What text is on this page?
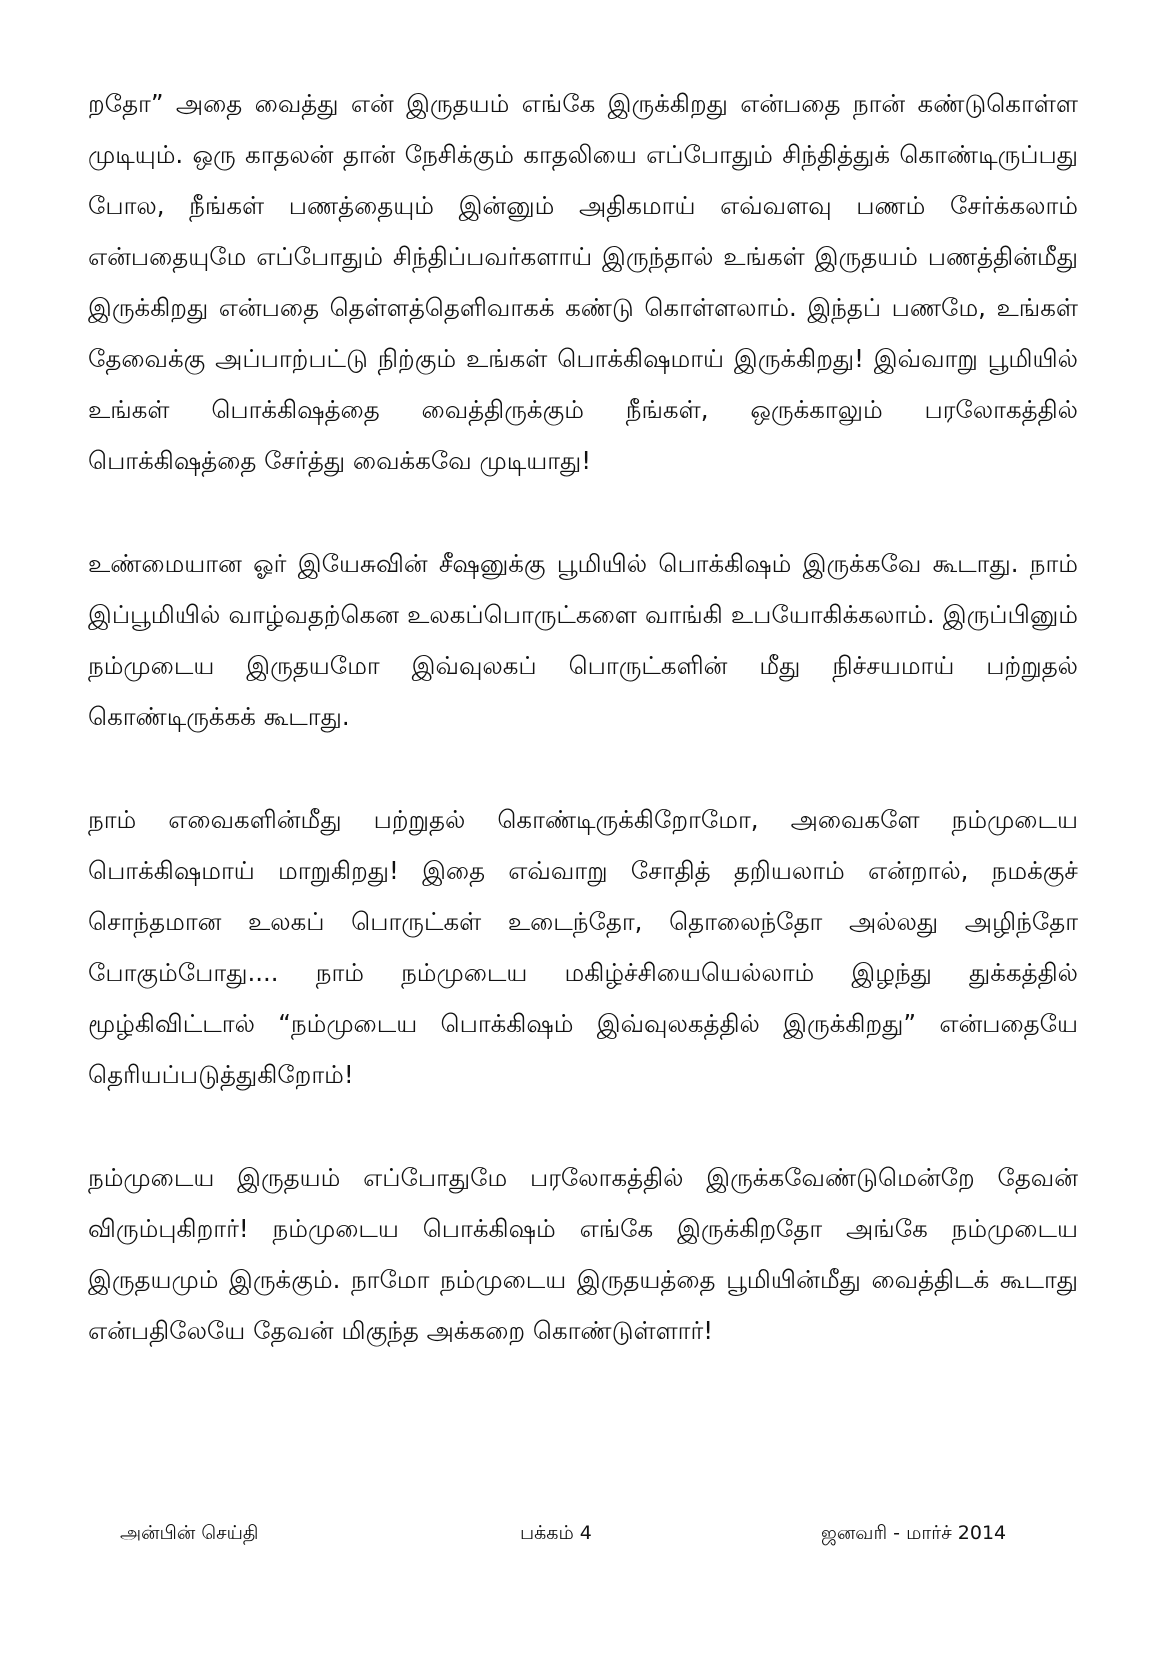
றதோ” அதை வைத்து என் இருதயம் எங்கே இருக்கிறது என்பதை நான் கண்டுகொள்ள முடியும். ஒரு காதலன் தான் நேசிக்கும் காதலியை எப்போதும் சிந்தித்துக் கொண்டிருப்பது போல, நீங்கள் பணத்தையும் இன்னும் அதிகமாய் எவ்வளவு பணம் சேர்க்கலாம் என்பதையுமே எப்போதும் சிந்திப்பவர்களாய் இருந்தால் உங்கள் இருதயம் பணத்தின்மீது இருக்கிறது என்பதை தெள்ளத்தெளிவாகக் கண்டு கொள்ளலாம். இந்தப் பணமே, உங்கள் தேவைக்கு அப்பாற்பட்டு நிற்கும் உங்கள் பொக்கிஷமாய் இருக்கிறது! இவ்வாறு பூமியில் உங்கள் பொக்கிஷத்தை வைத்திருக்கும் நீங்கள், ஒருக்காலும் பரலோகத்தில் பொக்கிஷத்தை சேர்த்து வைக்கவே முடியாது!

உண்மையான ஓர் இயேசுவின் சீஷனுக்கு பூமியில் பொக்கிஷம் இருக்கவே கூடாது. நாம் இப்பூமியில் வாழ்வதற்கென உலகப்பொருட்களை வாங்கி உபயோகிக்கலாம். இருப்பினும் நம்முடைய இருதயமோ இவ்வுலகப் பொருட்களின் மீது நிச்சயமாய் பற்றுதல் கொண்டிருக்கக் கூடாது.

நாம் எவைகளின்மீது பற்றுதல் கொண்டிருக்கிறோமோ, அவைகளே நம்முடைய பொக்கிஷமாய் மாறுகிறது! இதை எவ்வாறு சோதித் தறியலாம் என்றால், நமக்குச் சொந்தமான உலகப் பொருட்கள் உடைந்தோ, தொலைந்தோ அல்லது அழிந்தோ போகும்போது.... நாம் நம்முடைய மகிழ்ச்சியையெல்லாம் இழந்து துக்கத்தில் மூழ்கிவிட்டால் “நம்முடைய பொக்கிஷம் இவ்வுலகத்தில் இருக்கிறது” என்பதையே தெரியப்படுத்துகிறோம்!

நம்முடைய இருதயம் எப்போதுமே பரலோகத்தில் இருக்கவேண்டுமென்றே தேவன் விரும்புகிறார்! நம்முடைய பொக்கிஷம் எங்கே இருக்கிறதோ அங்கே நம்முடைய இருதயமும் இருக்கும். நாமோ நம்முடைய இருதயத்தை பூமியின்மீது வைத்திடக் கூடாது என்பதிலேயே தேவன் மிகுந்த அக்கறை கொண்டுள்ளார்!

அன்பின் செய்தி	பக்கம் 4	ஜனவரி - மார்ச் 2014
